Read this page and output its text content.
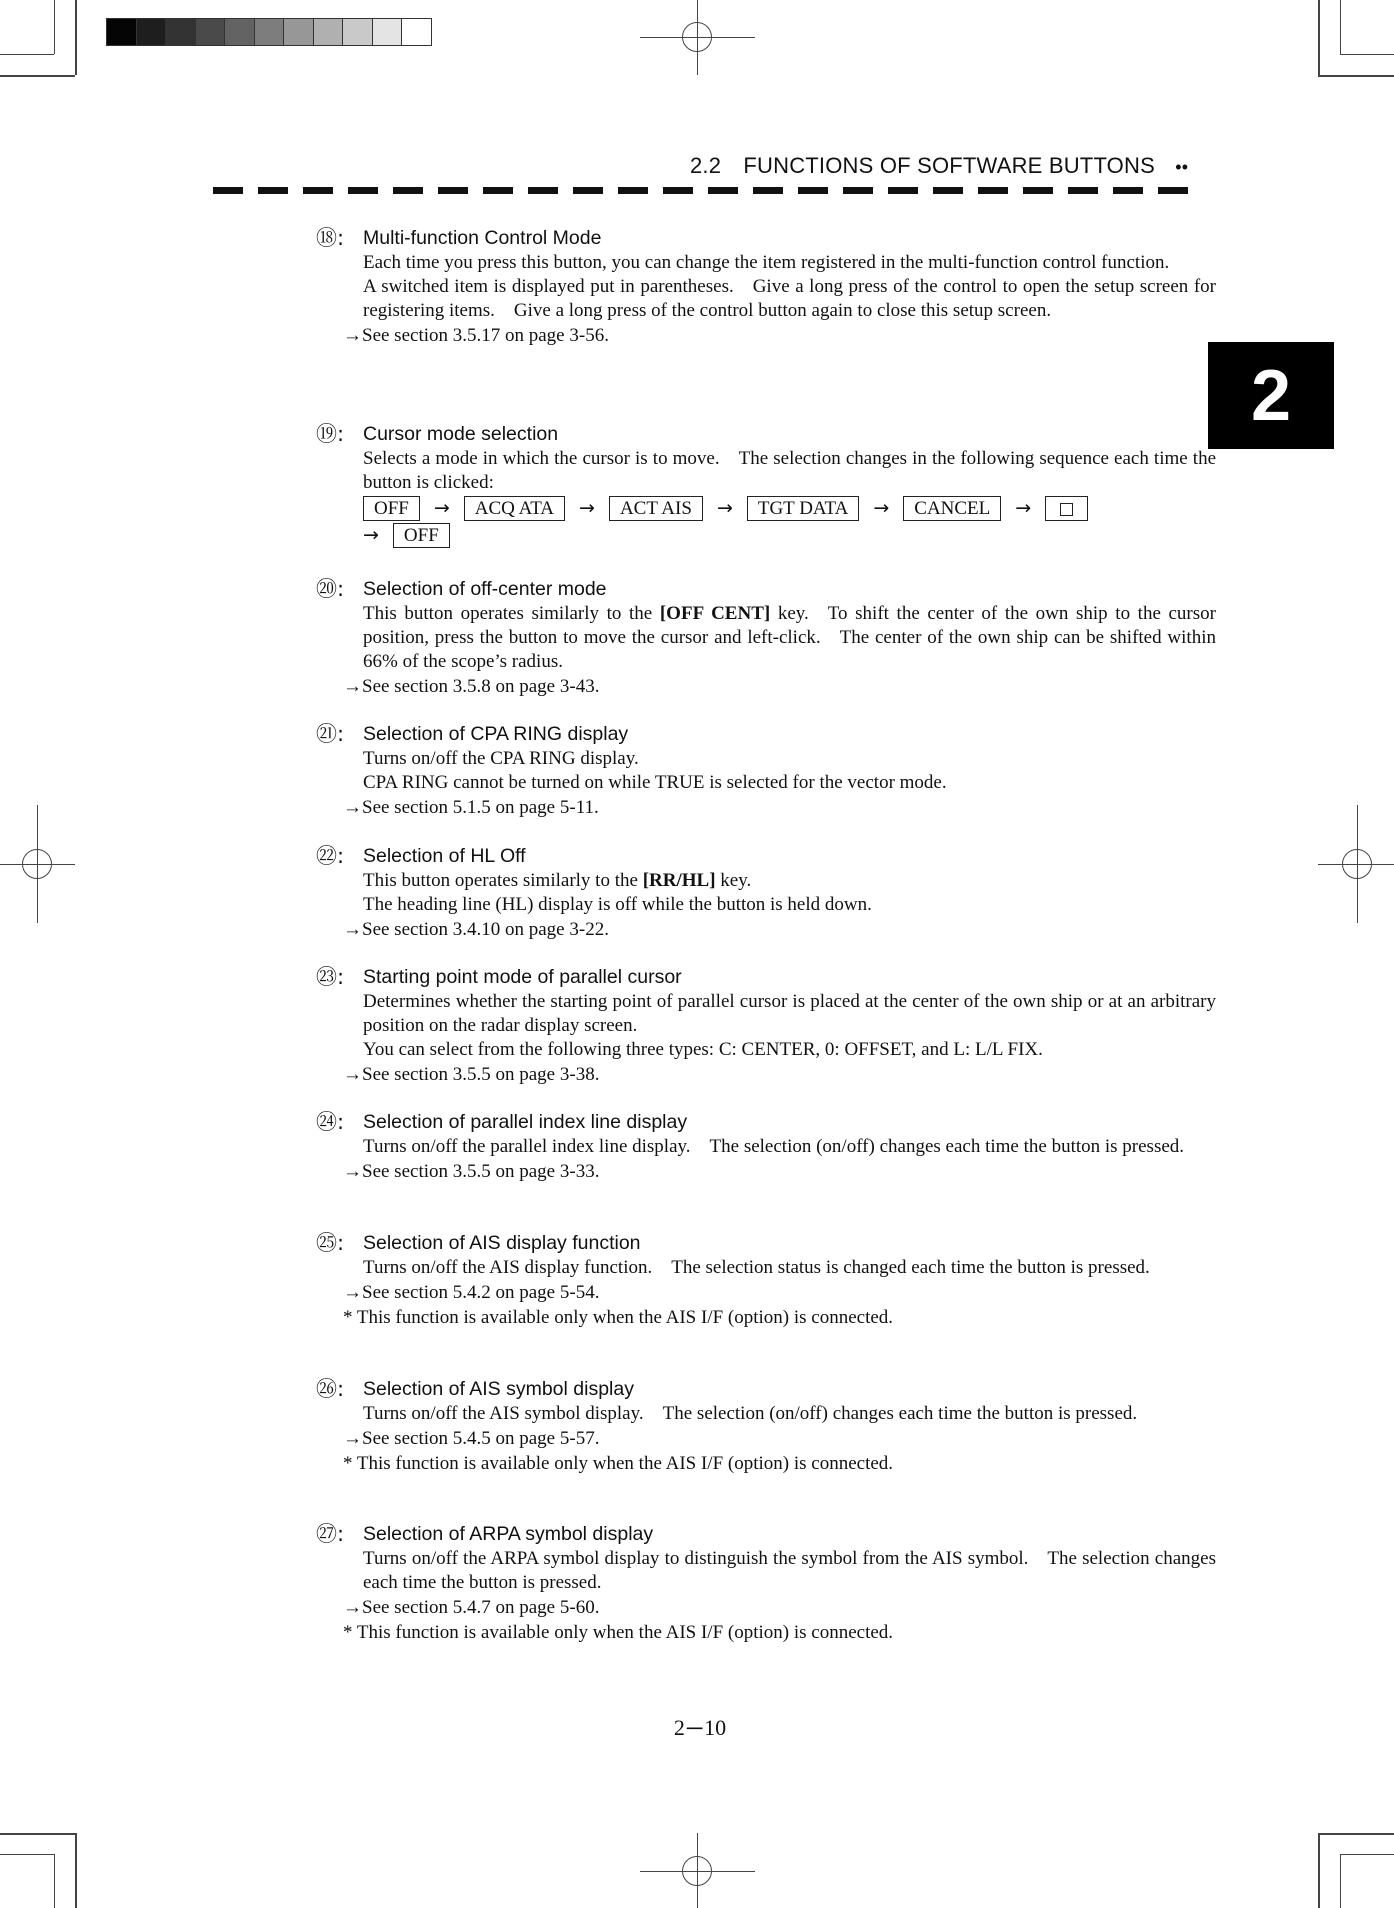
2.2 FUNCTIONS OF SOFTWARE BUTTONS ••
2
⑱: Multi-function Control Mode
Each time you press this button, you can change the item registered in the multi-function control function.
A switched item is displayed put in parentheses. Give a long press of the control to open the setup screen for registering items. Give a long press of the control button again to close this setup screen.
→See section 3.5.17 on page 3-56.
⑲: Cursor mode selection
Selects a mode in which the cursor is to move. The selection changes in the following sequence each time the button is clicked:
OFF → ACQ ATA → ACT AIS → TGT DATA → CANCEL →
→ OFF
⑳: Selection of off-center mode
This button operates similarly to the [OFF CENT] key. To shift the center of the own ship to the cursor position, press the button to move the cursor and left-click. The center of the own ship can be shifted within 66% of the scope’s radius.
→See section 3.5.8 on page 3-43.
㉑: Selection of CPA RING display
Turns on/off the CPA RING display.
CPA RING cannot be turned on while TRUE is selected for the vector mode.
→See section 5.1.5 on page 5-11.
㉒: Selection of HL Off
This button operates similarly to the [RR/HL] key.
The heading line (HL) display is off while the button is held down.
→See section 3.4.10 on page 3-22.
㉓: Starting point mode of parallel cursor
Determines whether the starting point of parallel cursor is placed at the center of the own ship or at an arbitrary position on the radar display screen.
You can select from the following three types: C: CENTER, 0: OFFSET, and L: L/L FIX.
→See section 3.5.5 on page 3-38.
㉔: Selection of parallel index line display
Turns on/off the parallel index line display. The selection (on/off) changes each time the button is pressed.
→See section 3.5.5 on page 3-33.
㉕: Selection of AIS display function
Turns on/off the AIS display function. The selection status is changed each time the button is pressed.
→See section 5.4.2 on page 5-54.
* This function is available only when the AIS I/F (option) is connected.
㉖: Selection of AIS symbol display
Turns on/off the AIS symbol display. The selection (on/off) changes each time the button is pressed.
→See section 5.4.5 on page 5-57.
* This function is available only when the AIS I/F (option) is connected.
㉗: Selection of ARPA symbol display
Turns on/off the ARPA symbol display to distinguish the symbol from the AIS symbol. The selection changes each time the button is pressed.
→See section 5.4.7 on page 5-60.
* This function is available only when the AIS I/F (option) is connected.
2 ─ 10
